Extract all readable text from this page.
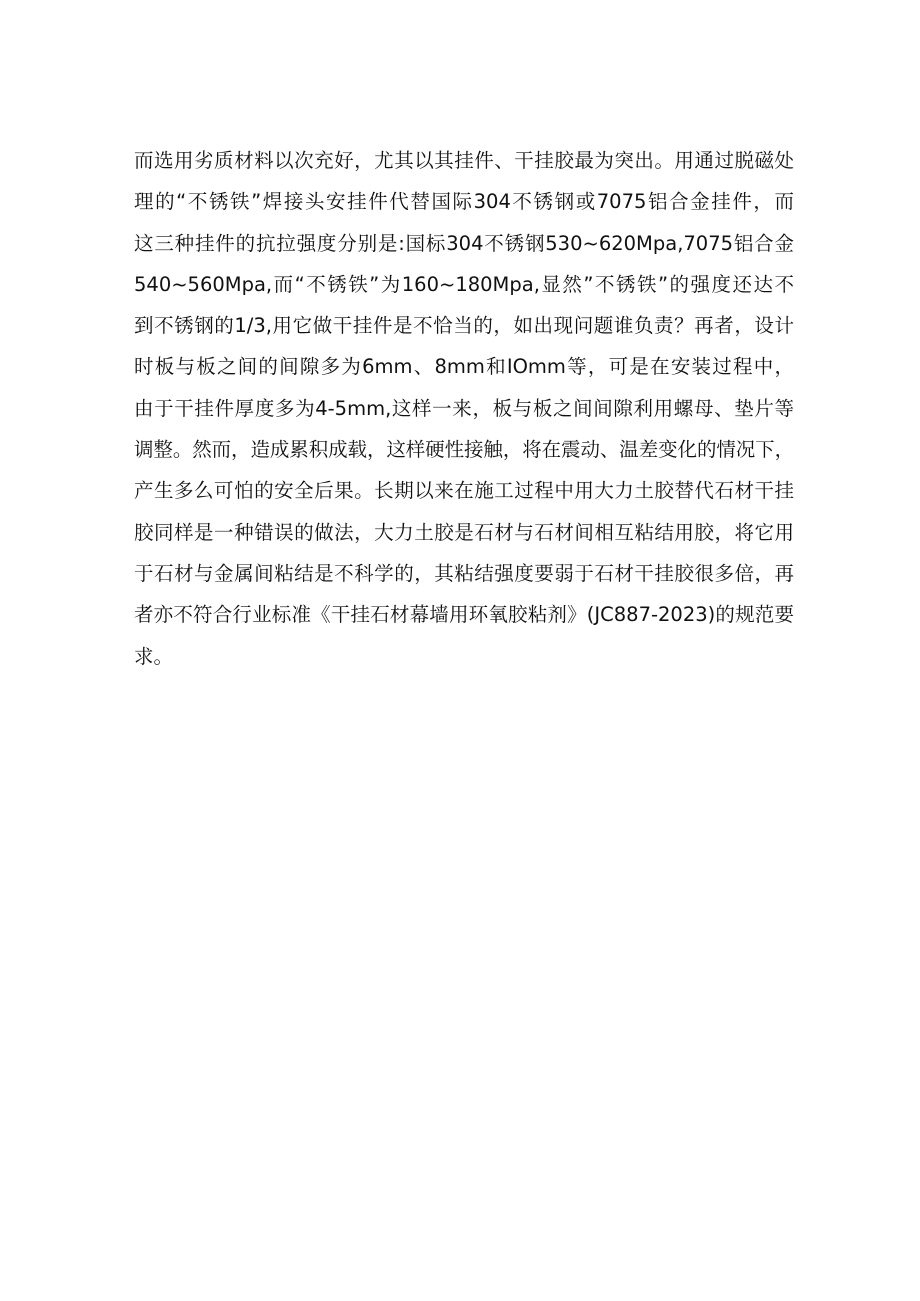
而选用劣质材料以次充好，尤其以其挂件、干挂胶最为突出。用通过脱磁处
理的“不锈铁”焊接头安挂件代替国际304不锈钢或7075铝合金挂件，而
这三种挂件的抗拉强度分别是:国标304不锈钢530~620Mpa,7075铝合金
540~560Mpa,而“不锈铁”为160~180Mpa,显然”不锈铁”的强度还达不
到不锈钢的1/3,用它做干挂件是不恰当的，如出现问题谁负责？再者，设计
时板与板之间的间隙多为6mm、8mm和IOmm等，可是在安装过程中，
由于干挂件厚度多为4-5mm,这样一来，板与板之间间隙利用螺母、垫片等
调整。然而，造成累积成载，这样硬性接触，将在震动、温差变化的情况下，
产生多么可怕的安全后果。长期以来在施工过程中用大力土胶替代石材干挂
胶同样是一种错误的做法，大力土胶是石材与石材间相互粘结用胶，将它用
于石材与金属间粘结是不科学的，其粘结强度要弱于石材干挂胶很多倍，再
者亦不符合行业标准《干挂石材幕墙用环氧胶粘剂》(JC887-2023)的规范要
求。
